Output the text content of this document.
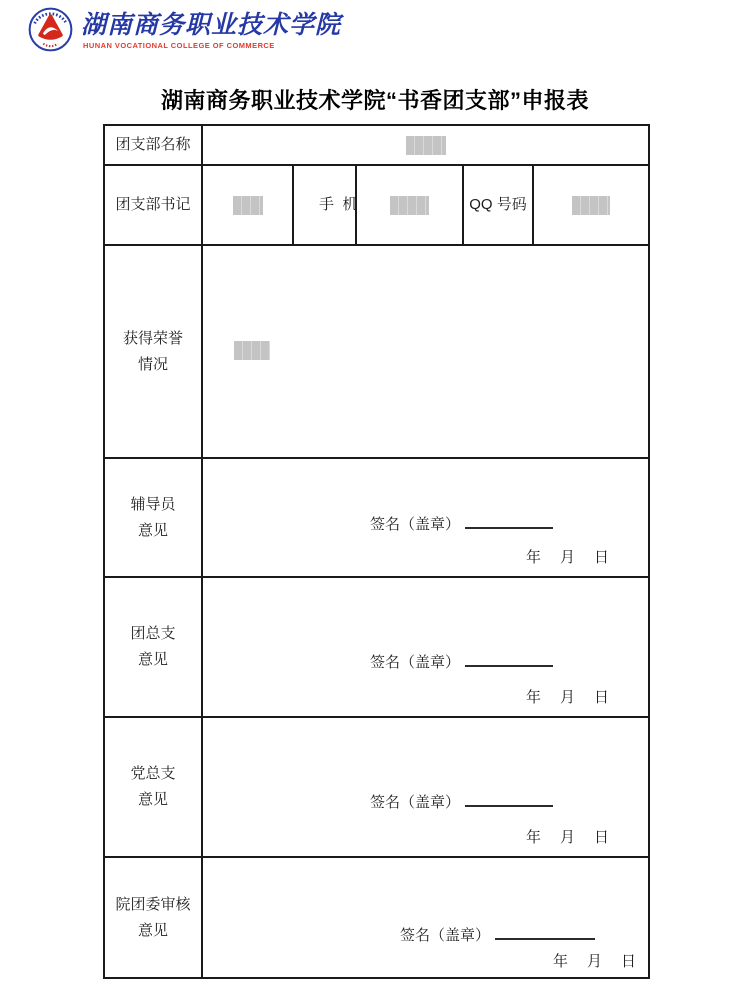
湖南商务职业技术学院
HUNAN VOCATIONAL COLLEGE OF COMMERCE
湖南商务职业技术学院“书香团支部”申报表
团支部名称					
团支部书记		手  机		QQ 号码	
获得荣誉
情况					

辅导员
意见	签名（盖章）
年　月　日

团总支
意见	签名（盖章）
年　月　日

党总支
意见	签名（盖章）
年　月　日

院团委审核
意见	签名（盖章）
年　月　日
